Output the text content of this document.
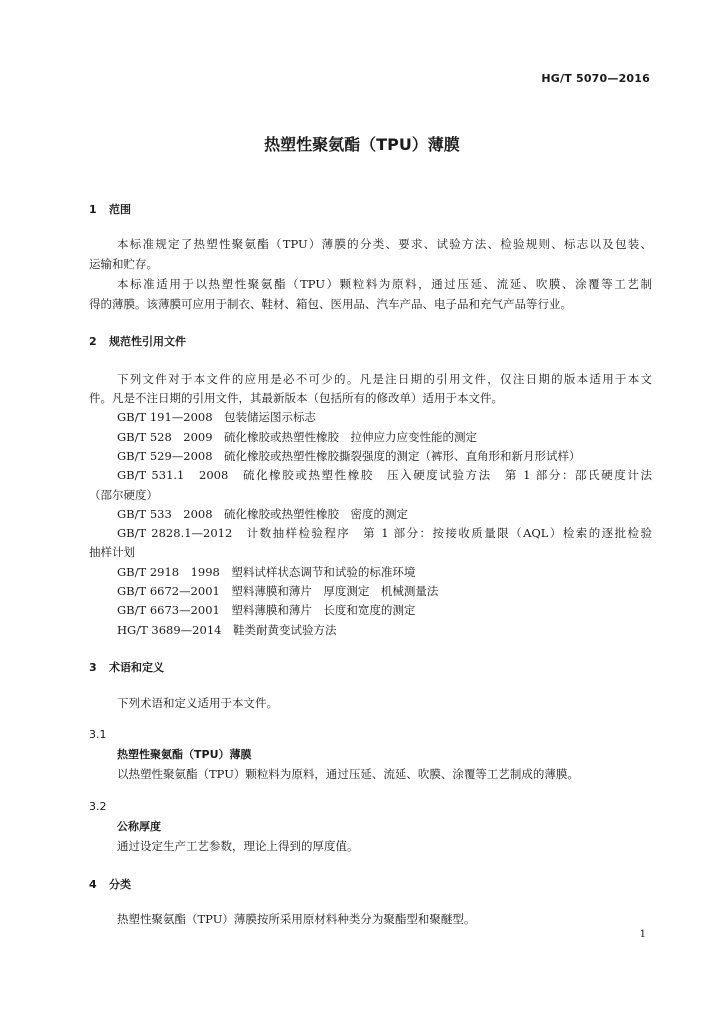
HG/T 5070—2016
热塑性聚氨酯（TPU）薄膜
1 范围
本标准规定了热塑性聚氨酯（TPU）薄膜的分类、要求、试验方法、检验规则、标志以及包装、
运输和贮存。
本标准适用于以热塑性聚氨酯（TPU）颗粒料为原料，通过压延、流延、吹膜、涂覆等工艺制
得的薄膜。该薄膜可应用于制衣、鞋材、箱包、医用品、汽车产品、电子品和充气产品等行业。
2 规范性引用文件
下列文件对于本文件的应用是必不可少的。凡是注日期的引用文件，仅注日期的版本适用于本文
件。凡是不注日期的引用文件，其最新版本（包括所有的修改单）适用于本文件。
GB/T 191—2008　包装储运图示标志
GB/T 528　2009　硫化橡胶或热塑性橡胶　拉伸应力应变性能的测定
GB/T 529—2008　硫化橡胶或热塑性橡胶撕裂强度的测定（裤形、直角形和新月形试样）
GB/T 531.1　2008　硫化橡胶或热塑性橡胶　压入硬度试验方法　第 1 部分：邵氏硬度计法
（邵尔硬度）
GB/T 533　2008　硫化橡胶或热塑性橡胶　密度的测定
GB/T 2828.1—2012　计数抽样检验程序　第 1 部分：按接收质量限（AQL）检索的逐批检验
抽样计划
GB/T 2918　1998　塑料试样状态调节和试验的标准环境
GB/T 6672—2001　塑料薄膜和薄片　厚度测定　机械测量法
GB/T 6673—2001　塑料薄膜和薄片　长度和宽度的测定
HG/T 3689—2014　鞋类耐黄变试验方法
3 术语和定义
下列术语和定义适用于本文件。
3.1
热塑性聚氨酯（TPU）薄膜
以热塑性聚氨酯（TPU）颗粒料为原料，通过压延、流延、吹膜、涂覆等工艺制成的薄膜。
3.2
公称厚度
通过设定生产工艺参数，理论上得到的厚度值。
4 分类
热塑性聚氨酯（TPU）薄膜按所采用原材料种类分为聚酯型和聚醚型。
1
